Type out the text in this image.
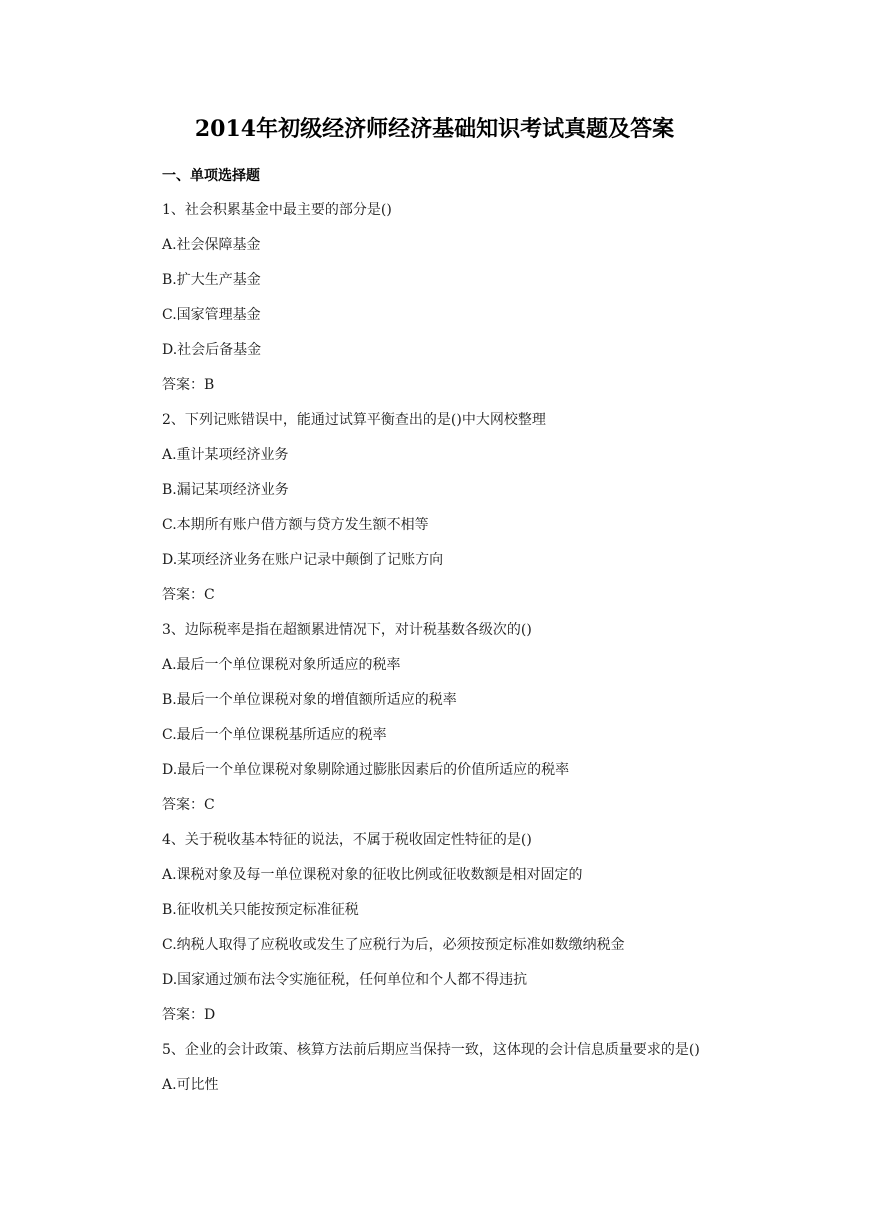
2014年初级经济师经济基础知识考试真题及答案
一、单项选择题
1、社会积累基金中最主要的部分是()
A.社会保障基金
B.扩大生产基金
C.国家管理基金
D.社会后备基金
答案：B
2、下列记账错误中，能通过试算平衡查出的是()中大网校整理
A.重计某项经济业务
B.漏记某项经济业务
C.本期所有账户借方额与贷方发生额不相等
D.某项经济业务在账户记录中颠倒了记账方向
答案：C
3、边际税率是指在超额累进情况下，对计税基数各级次的()
A.最后一个单位课税对象所适应的税率
B.最后一个单位课税对象的增值额所适应的税率
C.最后一个单位课税基所适应的税率
D.最后一个单位课税对象剔除通过膨胀因素后的价值所适应的税率
答案：C
4、关于税收基本特征的说法，不属于税收固定性特征的是()
A.课税对象及每一单位课税对象的征收比例或征收数额是相对固定的
B.征收机关只能按预定标准征税
C.纳税人取得了应税收或发生了应税行为后，必须按预定标准如数缴纳税金
D.国家通过颁布法令实施征税，任何单位和个人都不得违抗
答案：D
5、企业的会计政策、核算方法前后期应当保持一致，这体现的会计信息质量要求的是()
A.可比性
